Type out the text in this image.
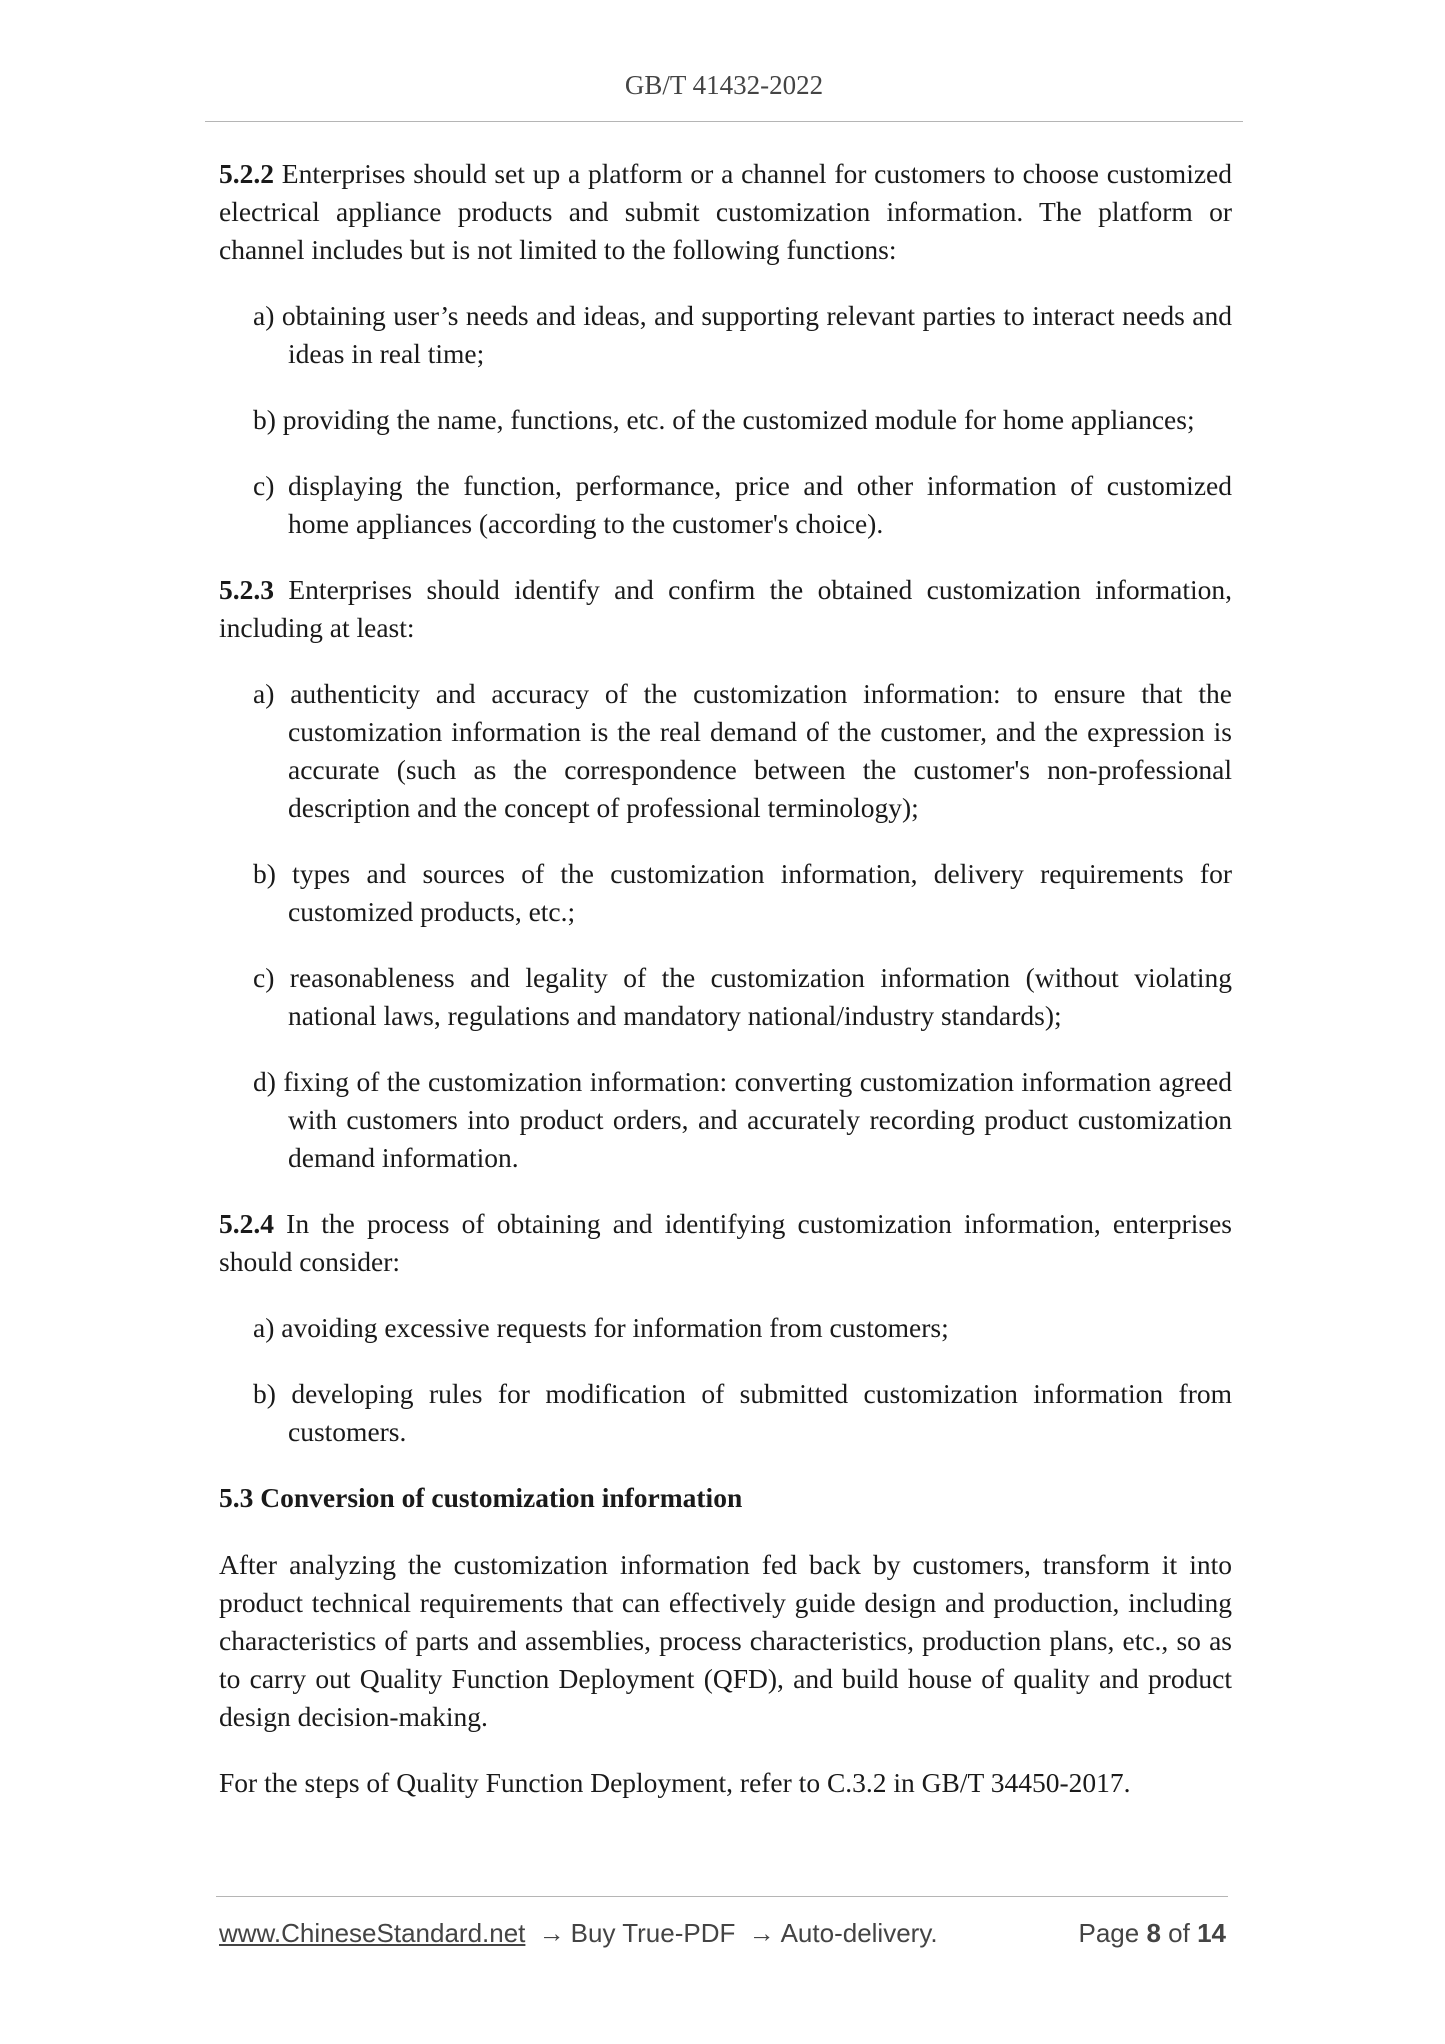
GB/T 41432-2022

5.2.2 Enterprises should set up a platform or a channel for customers to choose customized electrical appliance products and submit customization information. The platform or channel includes but is not limited to the following functions:

a) obtaining user’s needs and ideas, and supporting relevant parties to interact needs and ideas in real time;

b) providing the name, functions, etc. of the customized module for home appliances;

c) displaying the function, performance, price and other information of customized home appliances (according to the customer's choice).

5.2.3 Enterprises should identify and confirm the obtained customization information, including at least:

a) authenticity and accuracy of the customization information: to ensure that the customization information is the real demand of the customer, and the expression is accurate (such as the correspondence between the customer's non-professional description and the concept of professional terminology);

b) types and sources of the customization information, delivery requirements for customized products, etc.;

c) reasonableness and legality of the customization information (without violating national laws, regulations and mandatory national/industry standards);

d) fixing of the customization information: converting customization information agreed with customers into product orders, and accurately recording product customization demand information.

5.2.4 In the process of obtaining and identifying customization information, enterprises should consider:

a) avoiding excessive requests for information from customers;

b) developing rules for modification of submitted customization information from customers.

5.3 Conversion of customization information

After analyzing the customization information fed back by customers, transform it into product technical requirements that can effectively guide design and production, including characteristics of parts and assemblies, process characteristics, production plans, etc., so as to carry out Quality Function Deployment (QFD), and build house of quality and product design decision-making.

For the steps of Quality Function Deployment, refer to C.3.2 in GB/T 34450-2017.

www.ChineseStandard.net → Buy True-PDF → Auto-delivery.	Page 8 of 14
